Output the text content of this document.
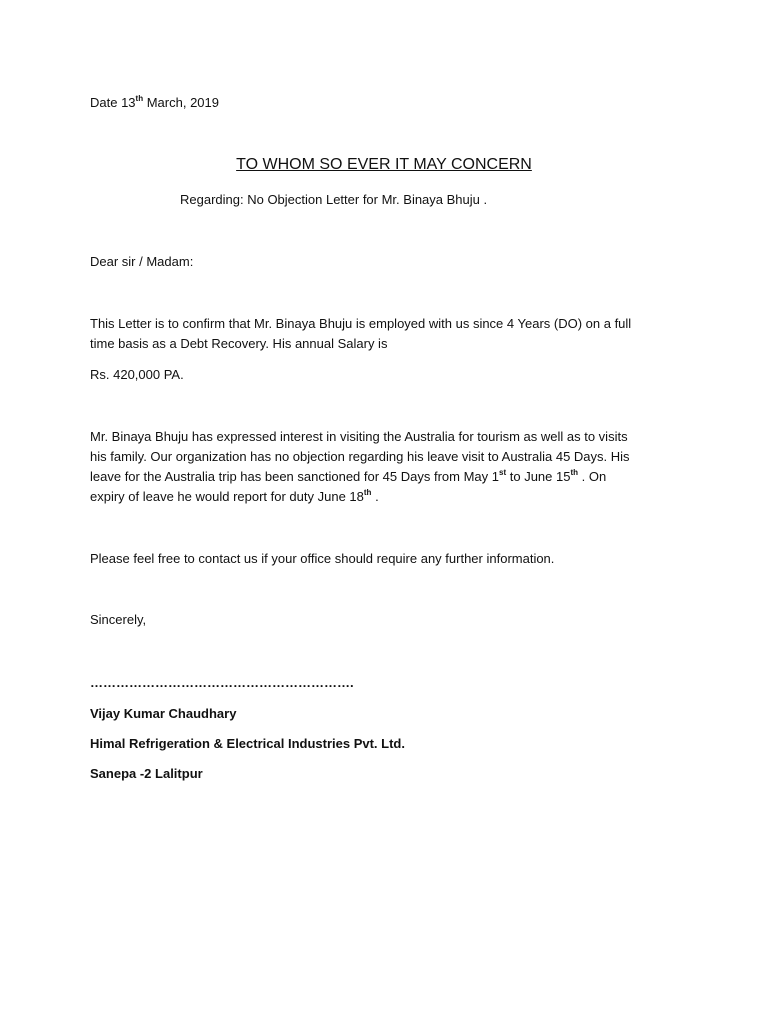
Date 13th March, 2019
TO WHOM SO EVER IT MAY CONCERN
Regarding: No Objection Letter for Mr. Binaya Bhuju .
Dear sir / Madam:
This Letter is to confirm that Mr. Binaya Bhuju is employed with us since 4 Years (DO) on a full
time basis as a Debt Recovery. His annual Salary is
Rs. 420,000 PA.
Mr. Binaya Bhuju has expressed interest in visiting the Australia for tourism as well as to visits
his family. Our organization has no objection regarding his leave visit to Australia 45 Days. His
leave for the Australia trip has been sanctioned for 45 Days from May 1st to June 15th . On
expiry of leave he would report for duty June 18th .
Please feel free to contact us if your office should require any further information.
Sincerely,
…………………………………………………….
Vijay Kumar Chaudhary
Himal Refrigeration & Electrical Industries Pvt. Ltd.
Sanepa -2 Lalitpur
